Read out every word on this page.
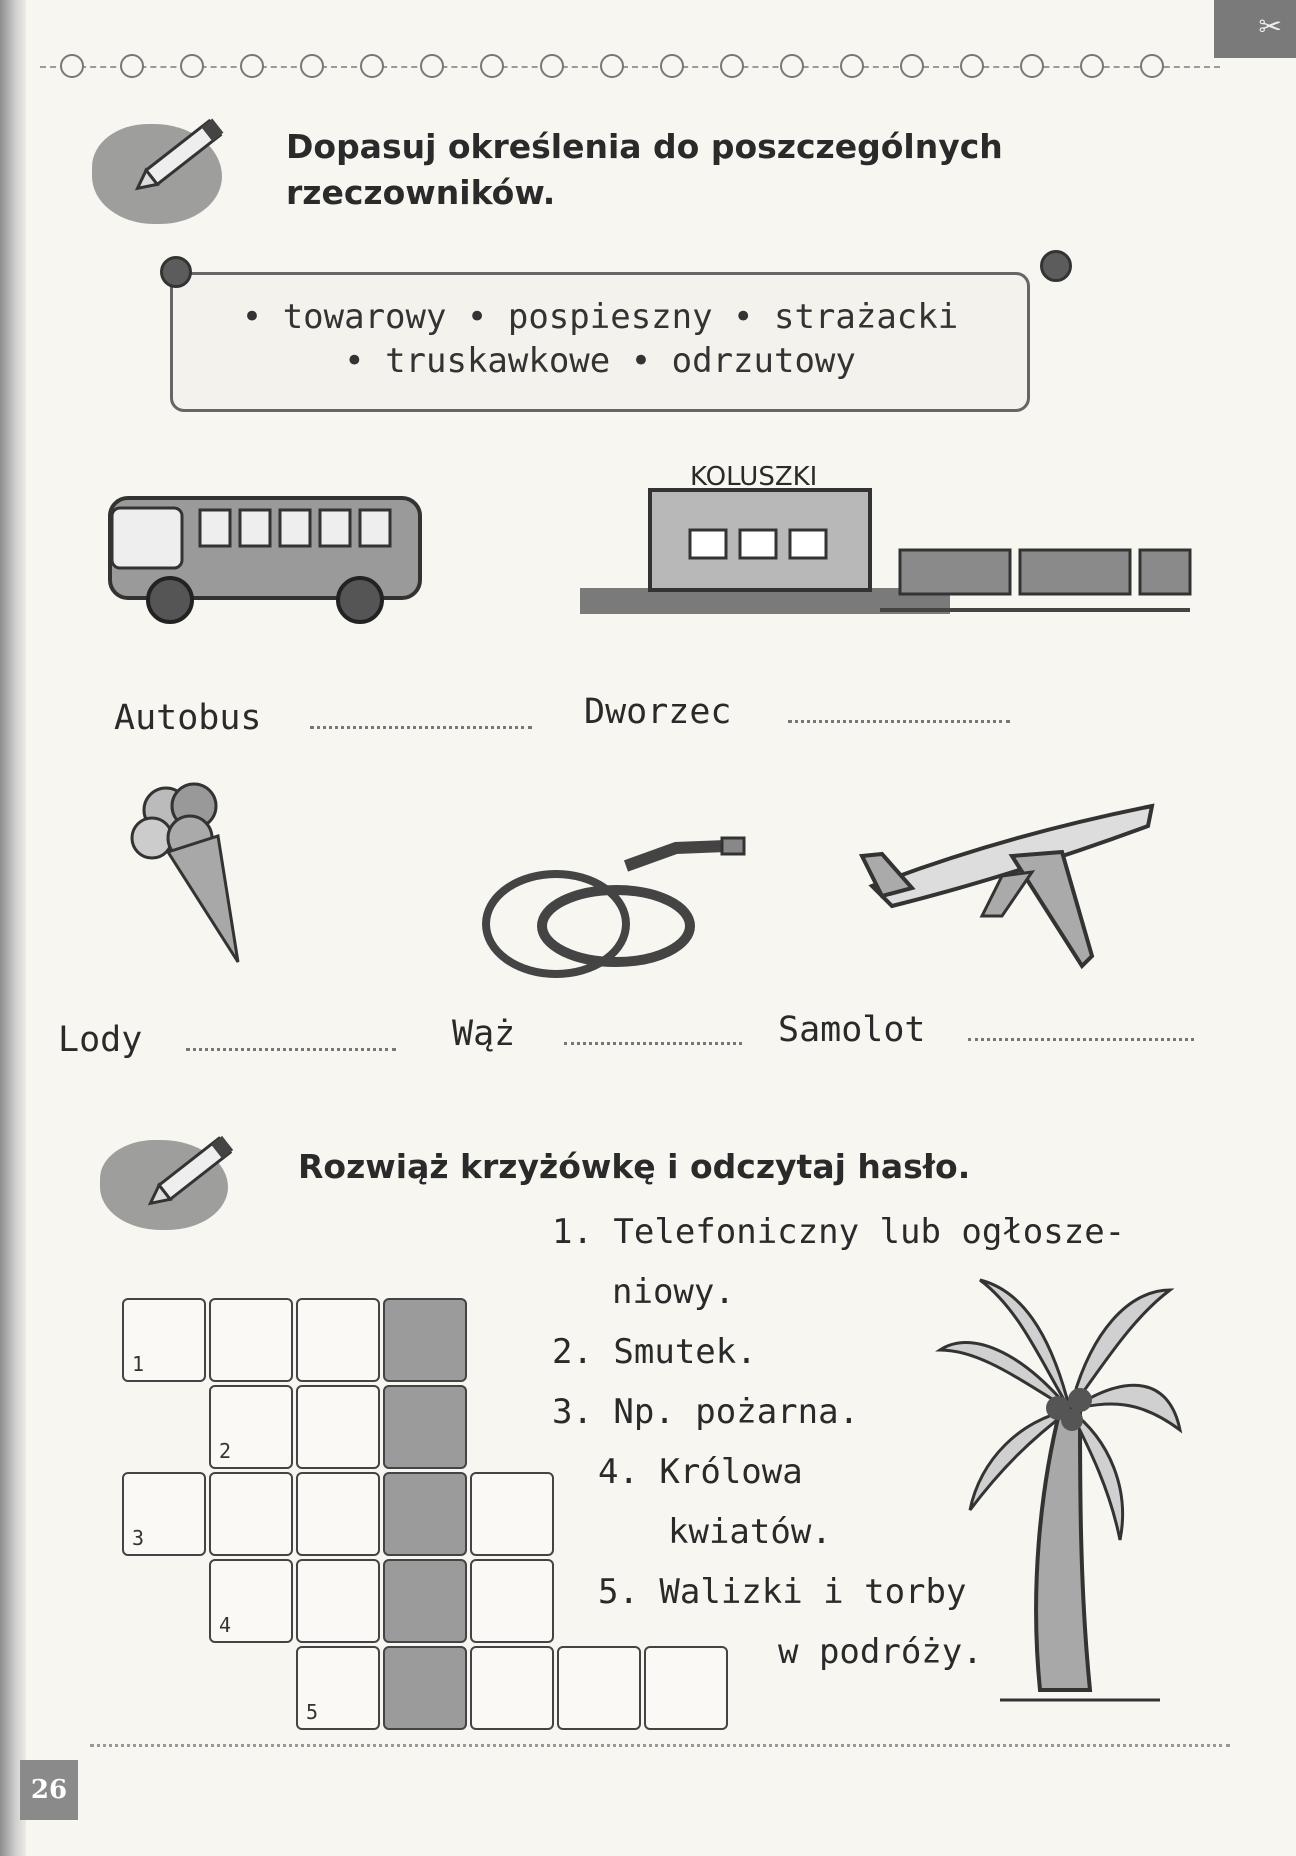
✂
Dopasuj określenia do poszczególnych
rzeczowników.
• towarowy • pospieszny • strażacki
• truskawkowe • odrzutowy
KOLUSZKI
Autobus	Dworzec
Lody	Wąż	Samolot
Rozwiąż krzyżówkę i odczytaj hasło.
1
2
3
4
5
1. Telefoniczny lub ogłosze-
niowy.
2. Smutek.
3. Np. pożarna.
4. Królowa
kwiatów.
5. Walizki i torby
w podróży.
26
